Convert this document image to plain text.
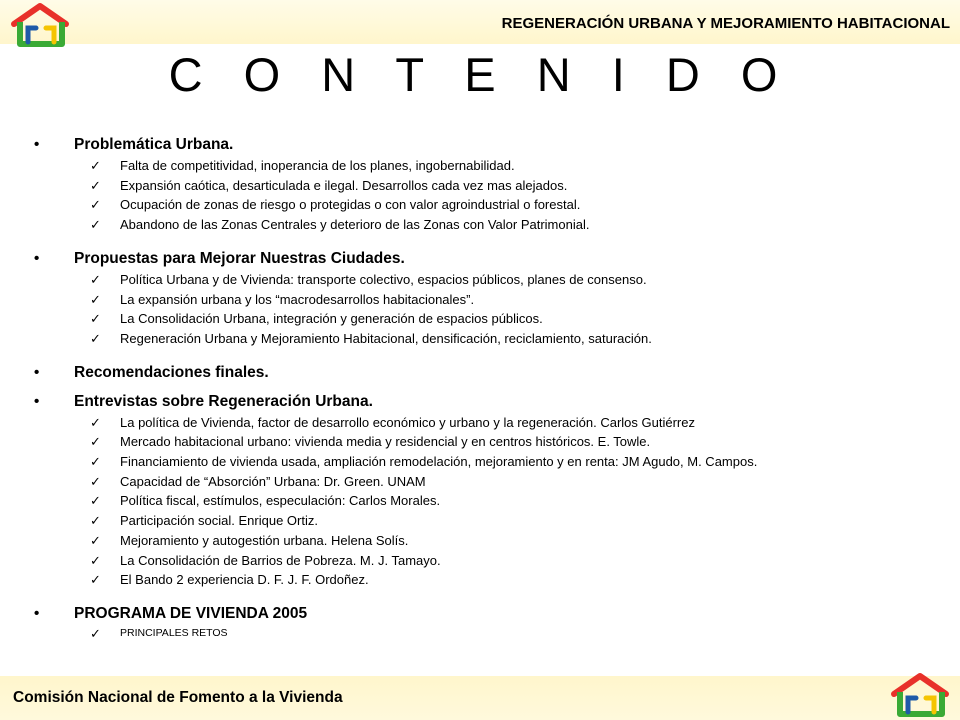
REGENERACIÓN URBANA Y MEJORAMIENTO HABITACIONAL
C O N T E N I D O
• Problemática Urbana.
✓ Falta de competitividad, inoperancia de los planes, ingobernabilidad.
✓ Expansión caótica, desarticulada e ilegal. Desarrollos cada vez mas alejados.
✓ Ocupación de zonas de riesgo o protegidas o con valor agroindustrial o forestal.
✓ Abandono de las Zonas Centrales y deterioro de las Zonas con Valor Patrimonial.
• Propuestas para Mejorar Nuestras Ciudades.
✓ Política Urbana y de Vivienda: transporte colectivo, espacios públicos, planes de consenso.
✓ La expansión urbana y los “macrodesarrollos habitacionales”.
✓ La Consolidación Urbana, integración y generación de espacios públicos.
✓ Regeneración Urbana y Mejoramiento Habitacional, densificación, reciclamiento, saturación.
• Recomendaciones finales.
• Entrevistas sobre Regeneración Urbana.
✓ La política de Vivienda, factor de desarrollo económico y urbano y la regeneración. Carlos Gutiérrez
✓ Mercado habitacional urbano: vivienda media y residencial y en centros históricos. E. Towle.
✓ Financiamiento de vivienda usada, ampliación remodelación, mejoramiento y en renta: JM Agudo, M. Campos.
✓ Capacidad de “Absorción” Urbana: Dr. Green. UNAM
✓ Política fiscal, estímulos, especulación: Carlos Morales.
✓ Participación social. Enrique Ortiz.
✓ Mejoramiento y autogestión urbana. Helena Solís.
✓ La Consolidación de Barrios de Pobreza. M. J. Tamayo.
✓ El Bando 2 experiencia D. F. J. F. Ordoñez.
• PROGRAMA DE VIVIENDA 2005
✓ PRINCIPALES RETOS
Comisión Nacional de Fomento a la Vivienda
